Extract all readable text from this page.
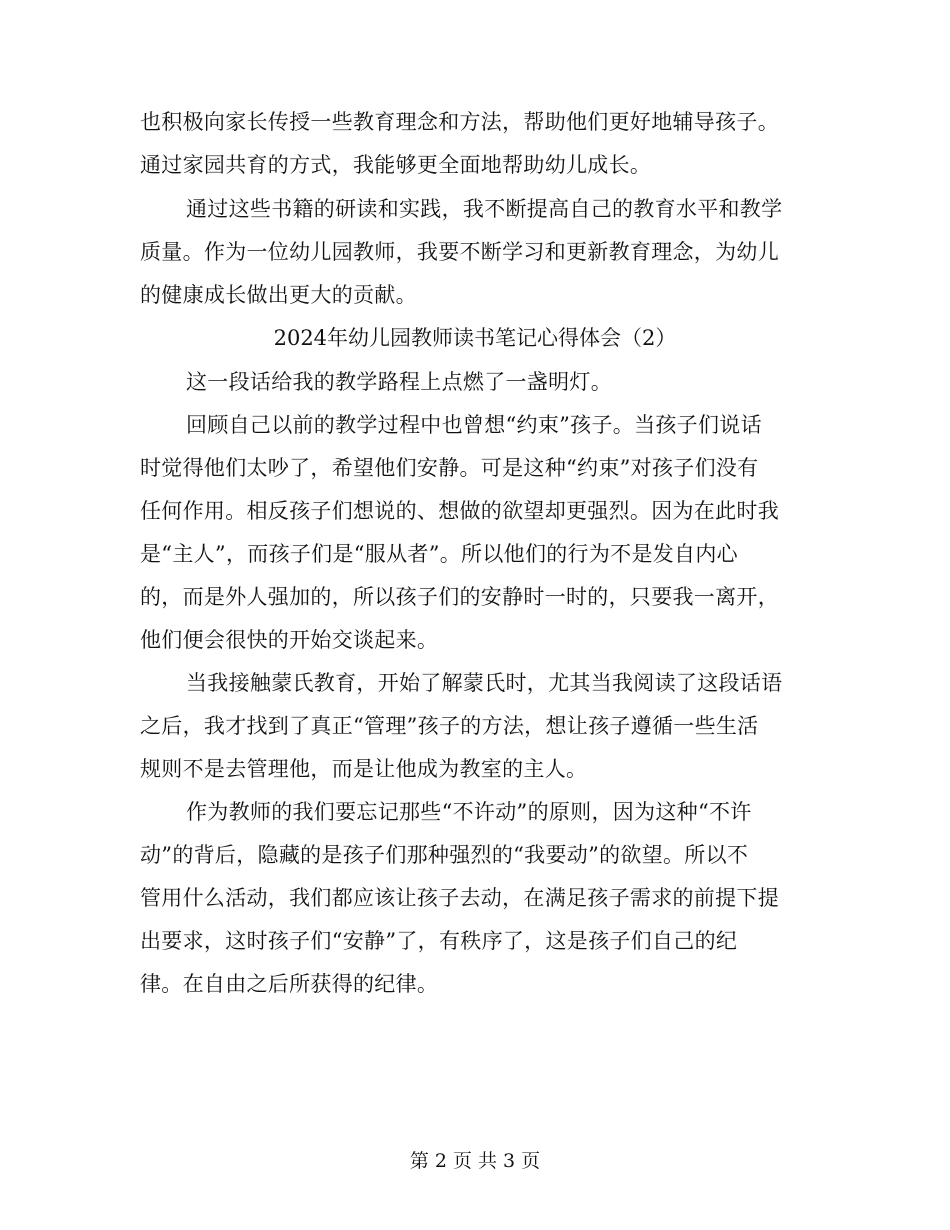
也积极向家长传授一些教育理念和方法，帮助他们更好地辅导孩子。
通过家园共育的方式，我能够更全面地帮助幼儿成长。
通过这些书籍的研读和实践，我不断提高自己的教育水平和教学
质量。作为一位幼儿园教师，我要不断学习和更新教育理念，为幼儿
的健康成长做出更大的贡献。
2024年幼儿园教师读书笔记心得体会（2）
这一段话给我的教学路程上点燃了一盏明灯。
回顾自己以前的教学过程中也曾想“约束”孩子。当孩子们说话
时觉得他们太吵了，希望他们安静。可是这种“约束”对孩子们没有
任何作用。相反孩子们想说的、想做的欲望却更强烈。因为在此时我
是“主人”，而孩子们是“服从者”。所以他们的行为不是发自内心
的，而是外人强加的，所以孩子们的安静时一时的，只要我一离开，
他们便会很快的开始交谈起来。
当我接触蒙氏教育，开始了解蒙氏时，尤其当我阅读了这段话语
之后，我才找到了真正“管理”孩子的方法，想让孩子遵循一些生活
规则不是去管理他，而是让他成为教室的主人。
作为教师的我们要忘记那些“不许动”的原则，因为这种“不许
动”的背后，隐藏的是孩子们那种强烈的“我要动”的欲望。所以不
管用什么活动，我们都应该让孩子去动，在满足孩子需求的前提下提
出要求，这时孩子们“安静”了，有秩序了，这是孩子们自己的纪
律。在自由之后所获得的纪律。
第 2 页 共 3 页
